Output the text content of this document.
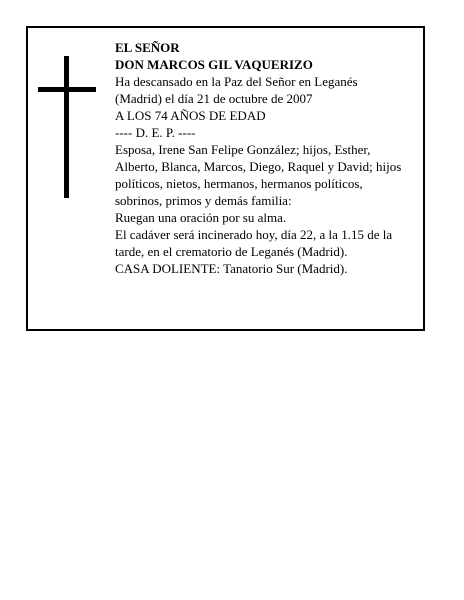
EL SEÑOR
DON MARCOS GIL VAQUERIZO
Ha descansado en la Paz del Señor en Leganés
(Madrid) el día 21 de octubre de 2007
A LOS 74 AÑOS DE EDAD
---- D. E. P. ----
Esposa, Irene San Felipe González; hijos, Esther,
Alberto, Blanca, Marcos, Diego, Raquel y David; hijos
políticos, nietos, hermanos, hermanos políticos,
sobrinos, primos y demás familia:
Ruegan una oración por su alma.
El cadáver será incinerado hoy, día 22, a la 1.15 de la
tarde, en el crematorio de Leganés (Madrid).
CASA DOLIENTE: Tanatorio Sur (Madrid).
